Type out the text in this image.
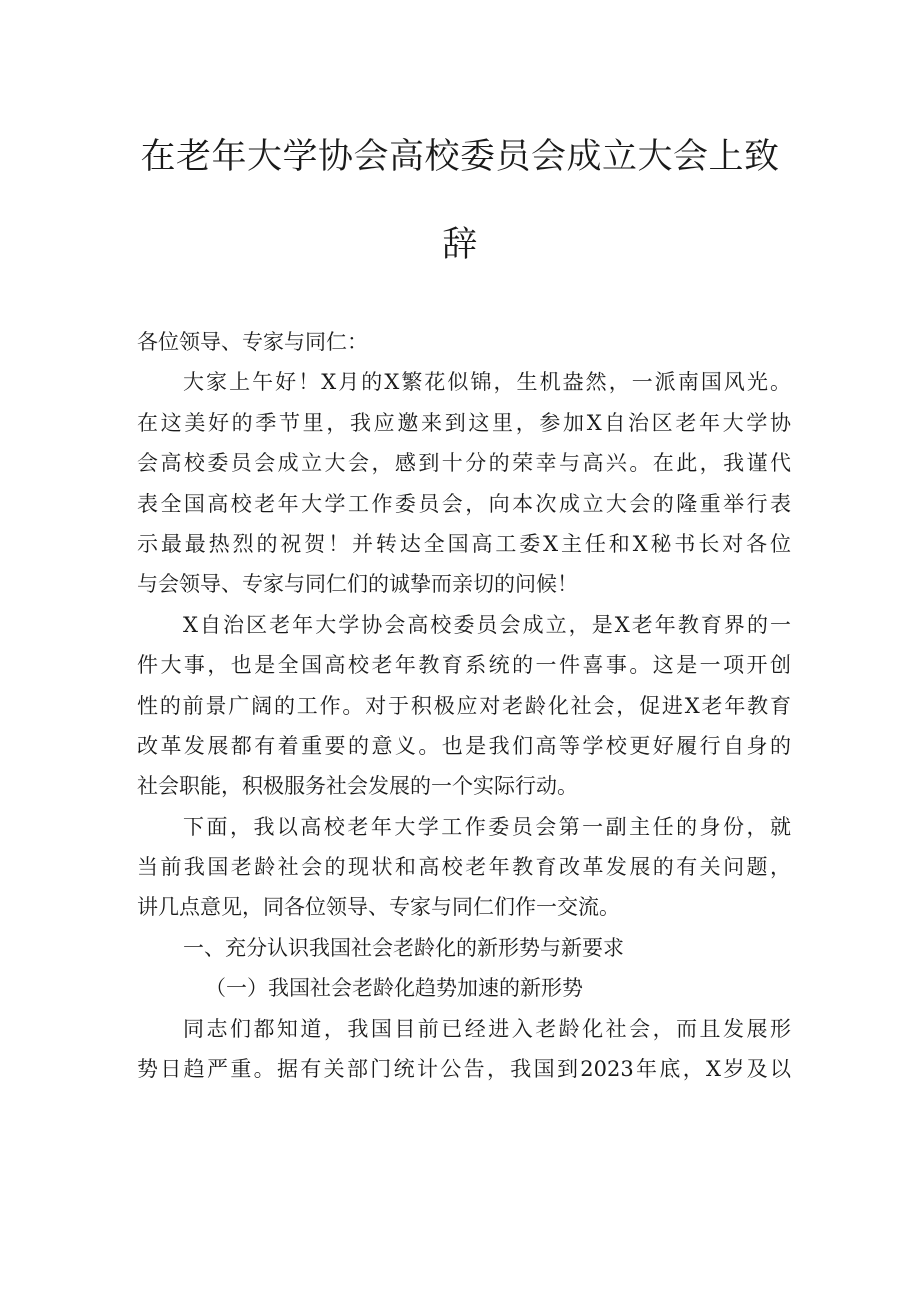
在老年大学协会高校委员会成立大会上致
辞
各位领导、专家与同仁：
大家上午好！X月的X繁花似锦，生机盎然，一派南国风光。
在这美好的季节里，我应邀来到这里，参加X自治区老年大学协
会高校委员会成立大会，感到十分的荣幸与高兴。在此，我谨代
表全国高校老年大学工作委员会，向本次成立大会的隆重举行表
示最最热烈的祝贺！并转达全国高工委X主任和X秘书长对各位
与会领导、专家与同仁们的诚挚而亲切的问候！
X自治区老年大学协会高校委员会成立，是X老年教育界的一
件大事，也是全国高校老年教育系统的一件喜事。这是一项开创
性的前景广阔的工作。对于积极应对老龄化社会，促进X老年教育
改革发展都有着重要的意义。也是我们高等学校更好履行自身的
社会职能，积极服务社会发展的一个实际行动。
下面，我以高校老年大学工作委员会第一副主任的身份，就
当前我国老龄社会的现状和高校老年教育改革发展的有关问题，
讲几点意见，同各位领导、专家与同仁们作一交流。
一、充分认识我国社会老龄化的新形势与新要求
（一）我国社会老龄化趋势加速的新形势
同志们都知道，我国目前已经进入老龄化社会，而且发展形
势日趋严重。据有关部门统计公告，我国到2023年底，X岁及以
